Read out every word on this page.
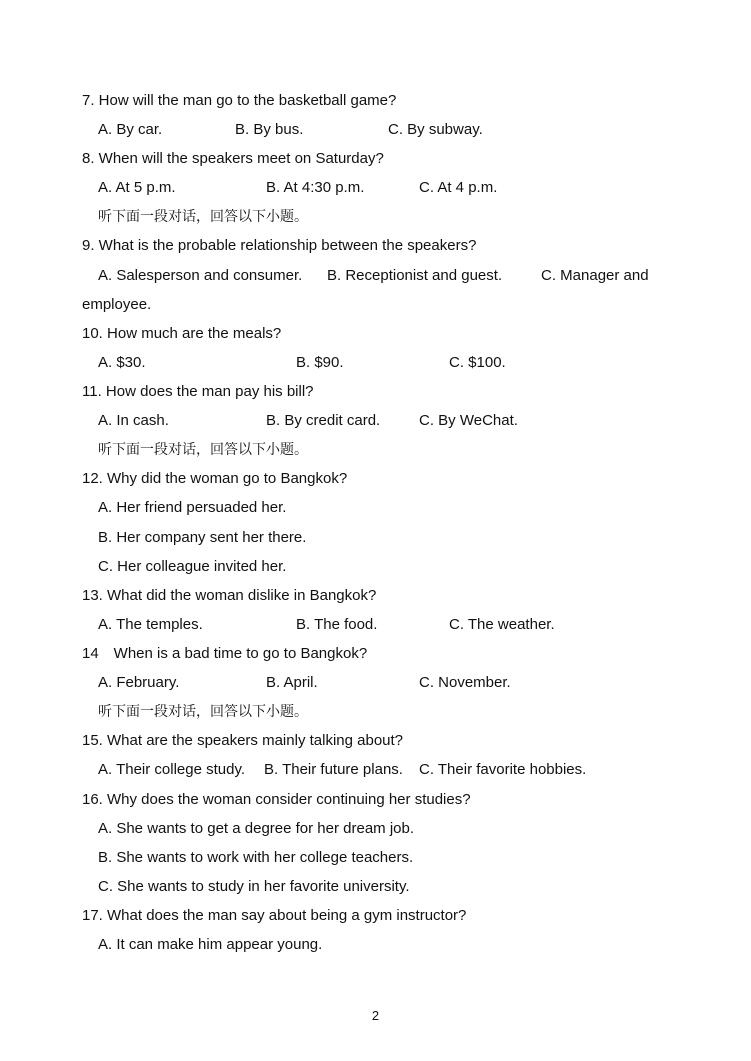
7. How will the man go to the basketball game?
A. By car.	B. By bus.	C. By subway.
8. When will the speakers meet on Saturday?
A. At 5 p.m.	B. At 4:30 p.m.	C. At 4 p.m.
听下面一段对话，回答以下小题。
9. What is the probable relationship between the speakers?
A. Salesperson and consumer. B. Receptionist and guest.	C. Manager and
employee.
10. How much are the meals?
A. $30.	B. $90.	C. $100.
11. How does the man pay his bill?
A. In cash.	B. By credit card.	C. By WeChat.
听下面一段对话，回答以下小题。
12. Why did the woman go to Bangkok?
A. Her friend persuaded her.
B. Her company sent her there.
C. Her colleague invited her.
13. What did the woman dislike in Bangkok?
A. The temples.	B. The food.	C. The weather.
14　When is a bad time to go to Bangkok?
A. February.	B. April.	C. November.
听下面一段对话，回答以下小题。
15. What are the speakers mainly talking about?
A. Their college study. B. Their future plans. C. Their favorite hobbies.
16. Why does the woman consider continuing her studies?
A. She wants to get a degree for her dream job.
B. She wants to work with her college teachers.
C. She wants to study in her favorite university.
17. What does the man say about being a gym instructor?
A. It can make him appear young.
2
